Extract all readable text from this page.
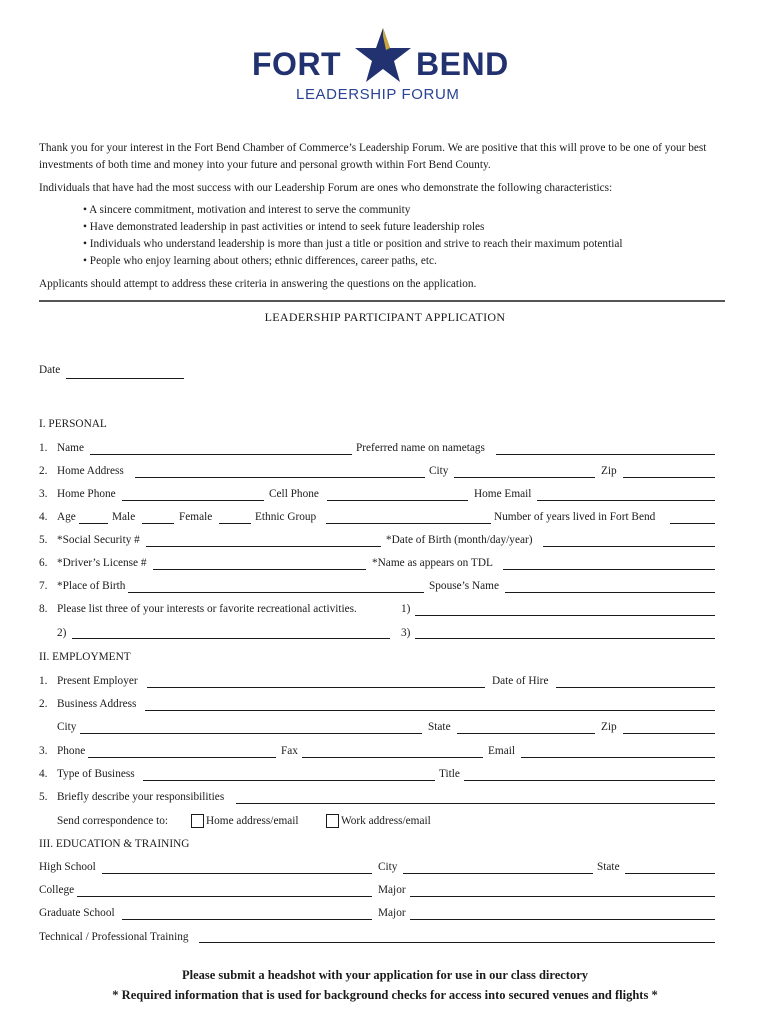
FORT BEND
LEADERSHIP FORUM
Thank you for your interest in the Fort Bend Chamber of Commerce’s Leadership Forum. We are positive that this will prove to be one of your best investments of both time and money into your future and personal growth within Fort Bend County.
Individuals that have had the most success with our Leadership Forum are ones who demonstrate the following characteristics:
• A sincere commitment, motivation and interest to serve the community
• Have demonstrated leadership in past activities or intend to seek future leadership roles
• Individuals who understand leadership is more than just a title or position and strive to reach their maximum potential
• People who enjoy learning about others; ethnic differences, career paths, etc.
Applicants should attempt to address these criteria in answering the questions on the application.
LEADERSHIP PARTICIPANT APPLICATION
Date
I. PERSONAL
1. Name	Preferred name on nametags
2. Home Address	City	Zip
3. Home Phone	Cell Phone	Home Email
4. Age	Male	Female	Ethnic Group	Number of years lived in Fort Bend
5. *Social Security #	*Date of Birth (month/day/year)
6. *Driver’s License #	*Name as appears on TDL
7. *Place of Birth	Spouse’s Name
8. Please list three of your interests or favorite recreational activities.	1)
2)	3)
II. EMPLOYMENT
1. Present Employer	Date of Hire
2. Business Address
City	State	Zip
3. Phone	Fax	Email
4. Type of Business	Title
5. Briefly describe your responsibilities
Send correspondence to:	Home address/email	Work address/email
III. EDUCATION & TRAINING
High School	City	State
College	Major
Graduate School	Major
Technical / Professional Training
Please submit a headshot with your application for use in our class directory
* Required information that is used for background checks for access into secured venues and flights *
